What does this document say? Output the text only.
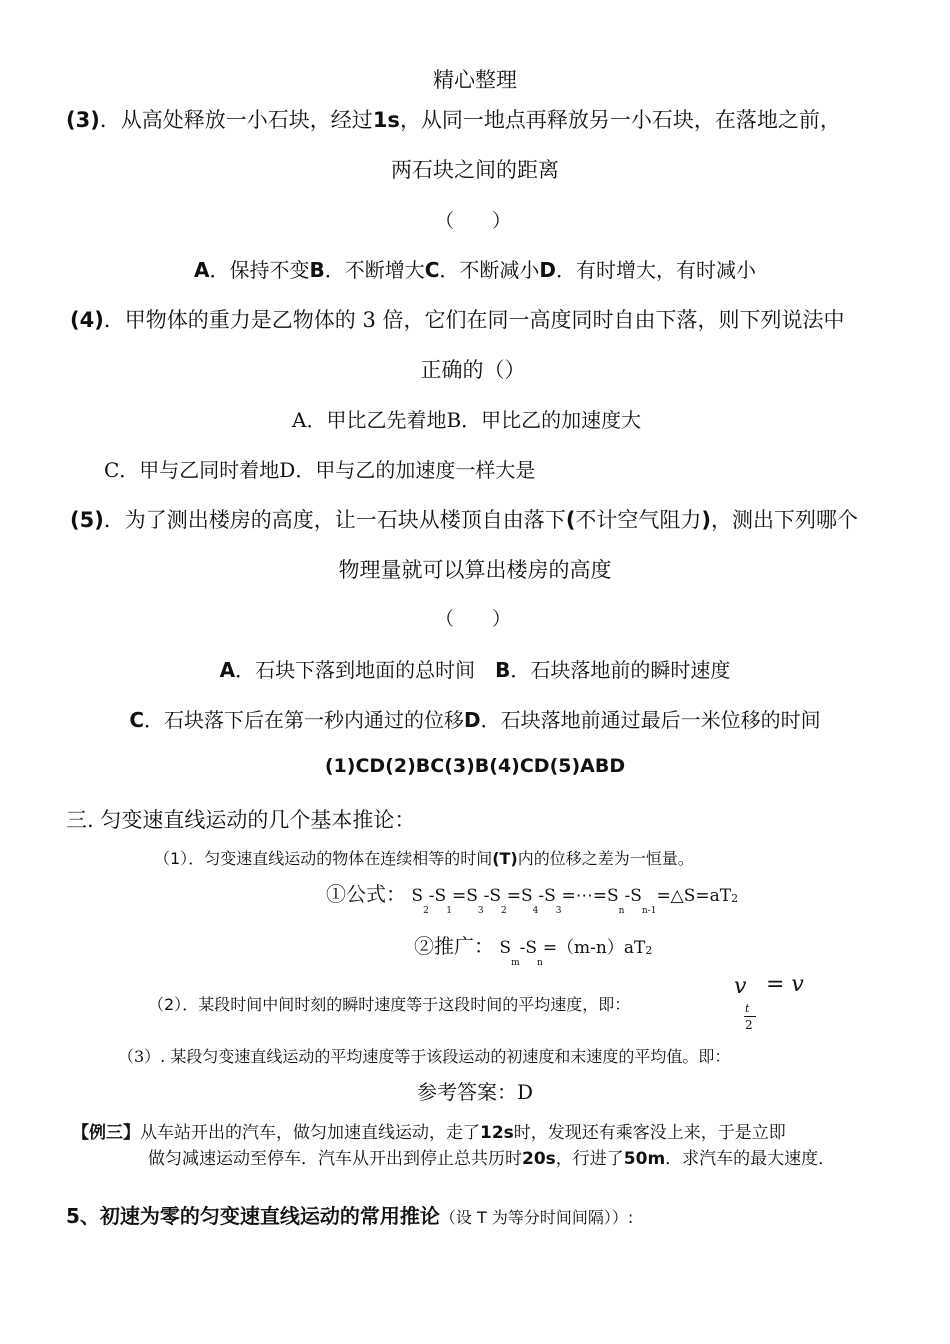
精心整理
(3)．从高处释放一小石块，经过1s，从同一地点再释放另一小石块，在落地之前，
两石块之间的距离
（　　）
A．保持不变B．不断增大C．不断减小D．有时增大，有时减小
(4)．甲物体的重力是乙物体的 3 倍，它们在同一高度同时自由下落，则下列说法中
正确的（）
A．甲比乙先着地B．甲比乙的加速度大
C．甲与乙同时着地D．甲与乙的加速度一样大是
(5)．为了测出楼房的高度，让一石块从楼顶自由落下(不计空气阻力)，测出下列哪个
物理量就可以算出楼房的高度
（　　）
A．石块下落到地面的总时间　B．石块落地前的瞬时速度
C．石块落下后在第一秒内通过的位移D．石块落地前通过最后一米位移的时间
(1)CD(2)BC(3)B(4)CD(5)ABD
三. 匀变速直线运动的几个基本推论：
（1）．匀变速直线运动的物体在连续相等的时间(T)内的位移之差为一恒量。
①公式： $S_2-S_1=S_3-S_2=S_4-S_3=\cdots=S_n-S_{n-1}=\triangle S=aT2$
②推广： $S_m-S_n=(m-n)aT2$
（2）．某段时间中间时刻的瞬时速度等于这段时间的平均速度，即：
v
t
2
= v
（3）. 某段匀变速直线运动的平均速度等于该段运动的初速度和末速度的平均值。即：
参考答案：D
【例三】从车站开出的汽车，做匀加速直线运动，走了12s时，发现还有乘客没上来，于是立即
做匀减速运动至停车．汽车从开出到停止总共历时20s，行进了50m．求汽车的最大速度．
5、初速为零的匀变速直线运动的常用推论（设 T 为等分时间间隔））:
